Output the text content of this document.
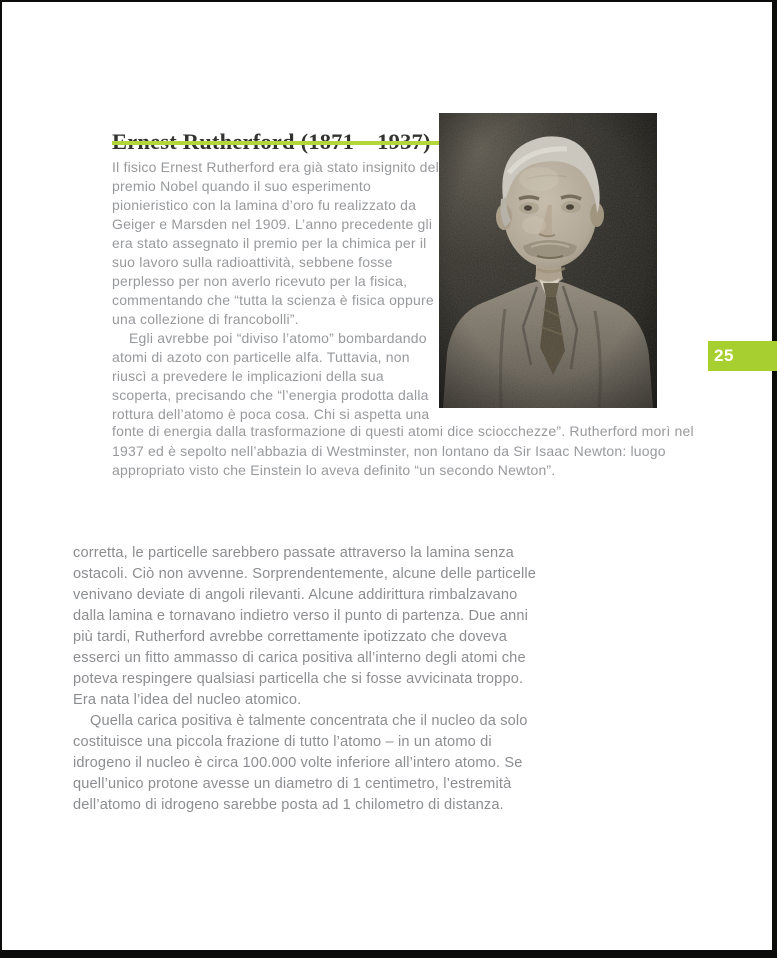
Il fisico Ernest Rutherford era già stato insignito del premio Nobel quando il suo esperimento pionieristico con la lamina d’oro fu realizzato da Geiger e Marsden nel 1909. L’anno precedente gli era stato assegnato il premio per la chimica per il suo lavoro sulla radioattività, sebbene fosse perplesso per non averlo ricevuto per la fisica, commentando che “tutta la scienza è fisica oppure una collezione di francobolli”.

Egli avrebbe poi “diviso l’atomo” bombardando atomi di azoto con particelle alfa. Tuttavia, non riuscì a prevedere le implicazioni della sua scoperta, precisando che “l’energia prodotta dalla rottura dell’atomo è poca cosa. Chi si aspetta una

fonte di energia dalla trasformazione di questi atomi dice sciocchezze”. Rutherford morì nel 1937 ed è sepolto nell’abbazia di Westminster, non lontano da Sir Isaac Newton: luogo appropriato visto che Einstein lo aveva definito “un secondo Newton”.

corretta, le particelle sarebbero passate attraverso la lamina senza ostacoli. Ciò non avvenne. Sorprendentemente, alcune delle particelle venivano deviate di angoli rilevanti. Alcune addirittura rimbalzavano dalla lamina e tornavano indietro verso il punto di partenza. Due anni più tardi, Rutherford avrebbe correttamente ipotizzato che doveva esserci un fitto ammasso di carica positiva all’interno degli atomi che poteva respingere qualsiasi particella che si fosse avvicinata troppo. Era nata l’idea del nucleo atomico.

Quella carica positiva è talmente concentrata che il nucleo da solo costituisce una piccola frazione di tutto l’atomo – in un atomo di idrogeno il nucleo è circa 100.000 volte inferiore all’intero atomo. Se quell’unico protone avesse un diametro di 1 centimetro, l’estremità dell’atomo di idrogeno sarebbe posta ad 1 chilometro di distanza.

25
